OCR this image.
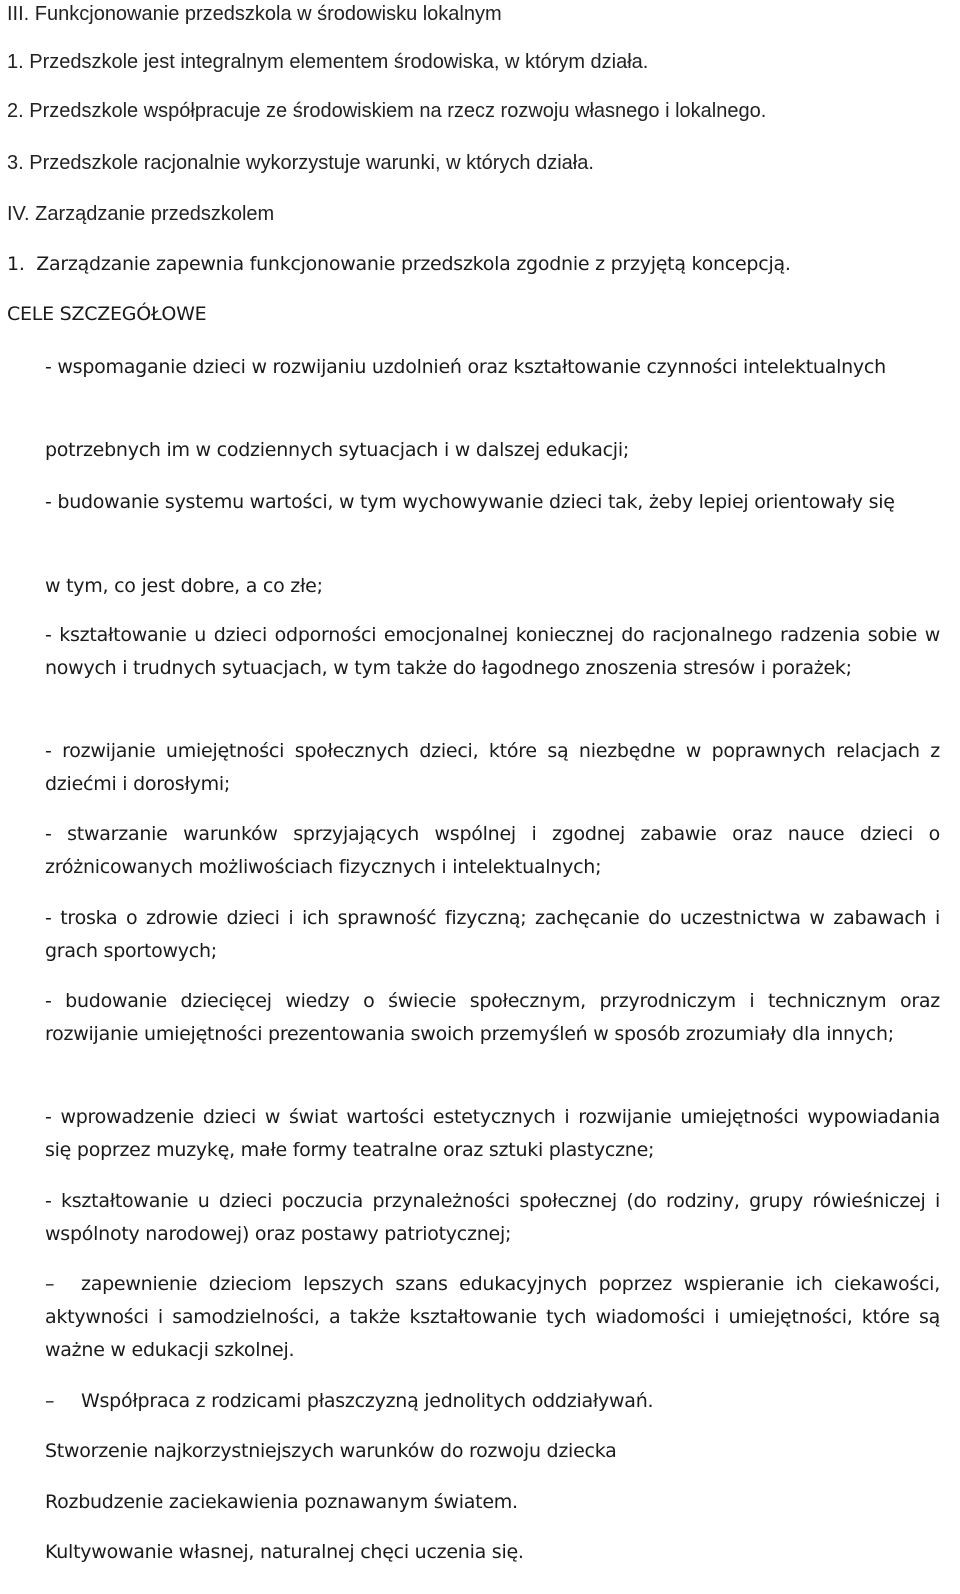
III. Funkcjonowanie przedszkola w środowisku lokalnym
1. Przedszkole jest integralnym elementem środowiska, w którym działa.
2. Przedszkole współpracuje ze środowiskiem na rzecz rozwoju własnego i lokalnego.
3. Przedszkole racjonalnie wykorzystuje warunki, w których działa.
IV. Zarządzanie przedszkolem
1.  Zarządzanie zapewnia funkcjonowanie przedszkola zgodnie z przyjętą koncepcją.
CELE SZCZEGÓŁOWE

- wspomaganie dzieci w rozwijaniu uzdolnień oraz kształtowanie czynności intelektualnych

potrzebnych im w codziennych sytuacjach i w dalszej edukacji;

- budowanie systemu wartości, w tym wychowywanie dzieci tak, żeby lepiej orientowały się

w tym, co jest dobre, a co złe;

- kształtowanie u dzieci odporności emocjonalnej koniecznej do racjonalnego radzenia sobie w nowych i trudnych sytuacjach, w tym także do łagodnego znoszenia stresów i porażek;

- rozwijanie umiejętności społecznych dzieci, które są niezbędne w poprawnych relacjach z dziećmi i dorosłymi;

- stwarzanie warunków sprzyjających wspólnej i zgodnej zabawie oraz nauce dzieci o zróżnicowanych możliwościach fizycznych i intelektualnych;

- troska o zdrowie dzieci i ich sprawność fizyczną; zachęcanie do uczestnictwa w zabawach i grach sportowych;

- budowanie dziecięcej wiedzy o świecie społecznym, przyrodniczym i technicznym oraz rozwijanie umiejętności prezentowania swoich przemyśleń w sposób zrozumiały dla innych;

- wprowadzenie dzieci w świat wartości estetycznych i rozwijanie umiejętności wypowiadania się poprzez muzykę, małe formy teatralne oraz sztuki plastyczne;

- kształtowanie u dzieci poczucia przynależności społecznej (do rodziny, grupy rówieśniczej i wspólnoty narodowej) oraz postawy patriotycznej;

– zapewnienie dzieciom lepszych szans edukacyjnych poprzez wspieranie ich ciekawości, aktywności i samodzielności, a także kształtowanie tych wiadomości i umiejętności, które są ważne w edukacji szkolnej.
– Współpraca z rodzicami płaszczyzną jednolitych oddziaływań.

Stworzenie najkorzystniejszych warunków do rozwoju dziecka

Rozbudzenie zaciekawienia poznawanym światem.

Kultywowanie własnej, naturalnej chęci uczenia się.
